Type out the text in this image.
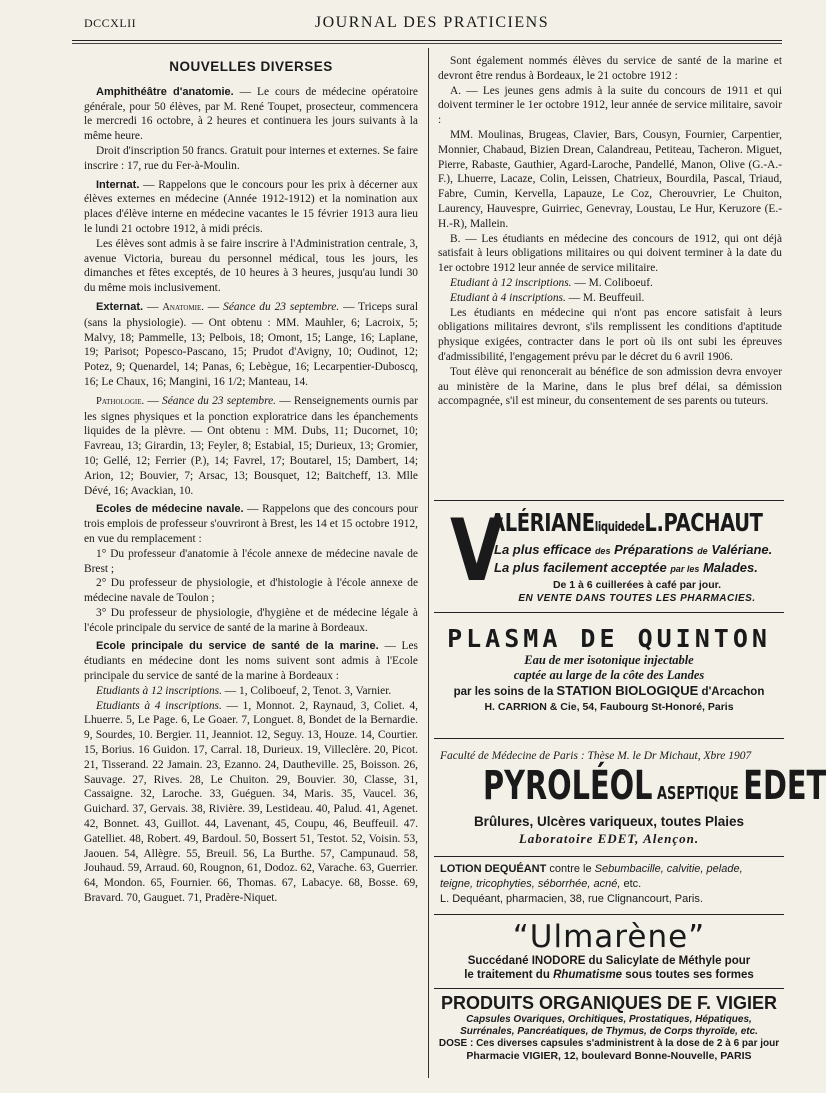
DCCXLII	JOURNAL DES PRATICIENS
NOUVELLES DIVERSES

Amphithéâtre d'anatomie. — Le cours de médecine opératoire générale, pour 50 élèves, par M. René Toupet, prosecteur, commencera le mercredi 16 octobre, à 2 heures et continuera les jours suivants à la même heure.

Droit d'inscription 50 francs. Gratuit pour internes et externes. Se faire inscrire : 17, rue du Fer-à-Moulin.

Internat. — Rappelons que le concours pour les prix à décerner aux élèves externes en médecine (Année 1912-1912) et la nomination aux places d'élève interne en médecine vacantes le 15 février 1913 aura lieu le lundi 21 octobre 1912, à midi précis.

Les élèves sont admis à se faire inscrire à l'Administration centrale, 3, avenue Victoria, bureau du personnel médical, tous les jours, les dimanches et fêtes exceptés, de 10 heures à 3 heures, jusqu'au lundi 30 du même mois inclusivement.

Externat. — Anatomie. — Séance du 23 septembre. — Triceps sural (sans la physiologie). — Ont obtenu : MM. Mauhler, 6; Lacroix, 5; Malvy, 18; Pammelle, 13; Pelbois, 18; Omont, 15; Lange, 16; Laplane, 19; Parisot; Popesco-Pascano, 15; Prudot d'Avigny, 10; Oudinot, 12; Potez, 9; Quenardel, 14; Panas, 6; Lebègue, 16; Lecarpentier-Dubosсq, 16; Le Chaux, 16; Mangini, 16 1/2; Manteau, 14.

Pathologie. — Séance du 23 septembre. — Renseignements ournis par les signes physiques et la ponction exploratrice dans les épanchements liquides de la plèvre. — Ont obtenu : MM. Dubs, 11; Ducornet, 10; Favreau, 13; Girardin, 13; Feyler, 8; Estabial, 15; Durieux, 13; Gromier, 10; Gellé, 12; Ferrier (P.), 14; Favrel, 17; Boutarel, 15; Dambert, 14; Arion, 12; Bouvier, 7; Arsac, 13; Bousquet, 12; Baitcheff, 13. Mlle Dévé, 16; Avackian, 10.

Ecoles de médecine navale. — Rappelons que des concours pour trois emplois de professeur s'ouvriront à Brest, les 14 et 15 octobre 1912, en vue du remplacement :

1° Du professeur d'anatomie à l'école annexe de médecine navale de Brest ;

2° Du professeur de physiologie, et d'histologie à l'école annexe de médecine navale de Toulon ;

3° Du professeur de physiologie, d'hygiène et de médecine légale à l'école principale du service de santé de la marine à Bordeaux.

Ecole principale du service de santé de la marine. — Les étudiants en médecine dont les noms suivent sont admis à l'Ecole principale du service de santé de la marine à Bordeaux :

Etudiants à 12 inscriptions. — 1, Coliboeuf, 2, Tenot. 3, Varnier.

Etudiants à 4 inscriptions. — 1, Monnot. 2, Raynaud, 3, Coliet. 4, Lhuerre. 5, Le Page. 6, Le Goaer. 7, Longuet. 8, Bondet de la Bernardie. 9, Sourdes, 10. Bergier. 11, Jeanniot. 12, Seguy. 13, Houze. 14, Courtier. 15, Borius. 16 Guidon. 17, Carral. 18, Durieux. 19, Villeclère. 20, Picot. 21, Tisserand. 22 Jamain. 23, Ezanno. 24, Dautheville. 25, Boisson. 26, Sauvage. 27, Rives. 28, Le Chuiton. 29, Bouvier. 30, Classe, 31, Cassaigne. 32, Laroche. 33, Guéguen. 34, Maris. 35, Vaucel. 36, Guichard. 37, Gervais. 38, Rivière. 39, Lestideau. 40, Palud. 41, Agenet. 42, Bonnet. 43, Guillot. 44, Lavenant, 45, Coupu, 46, Beuffeuil. 47. Gatelliet. 48, Robert. 49, Bardoul. 50, Bossert 51, Testot. 52, Voisin. 53, Jaouen. 54, Allègre. 55, Breuil. 56, La Burthe. 57, Campunaud. 58, Jouhaud. 59, Arraud. 60, Rougnon, 61, Dodoz. 62, Varache. 63, Guerrier. 64, Mondon. 65, Fournier. 66, Thomas. 67, Labacye. 68, Bosse. 69, Bravard. 70, Gauguet. 71, Pradère-Niquet.

Sont également nommés élèves du service de santé de la marine et devront être rendus à Bordeaux, le 21 octobre 1912 :

A. — Les jeunes gens admis à la suite du concours de 1911 et qui doivent terminer le 1er octobre 1912, leur année de service militaire, savoir :

MM. Moulinas, Brugeas, Clavier, Bars, Cousyn, Fournier, Carpentier, Monnier, Chabaud, Bizien Drean, Calandreau, Petiteau, Tacheron. Miguet, Pierre, Rabaste, Gauthier, Agard-Laroche, Pandellé, Manon, Olive (G.-A.-F.), Lhuerre, Lacaze, Colin, Leissen, Chatrieux, Bourdila, Pascal, Triaud, Fabre, Cumin, Kervella, Lapauze, Le Coz, Cherouvrier, Le Chuiton, Laurency, Hauvespre, Guirriec, Genevray, Loustau, Le Hur, Keruzore (E.-H.-R), Mallein.

B. — Les étudiants en médecine des concours de 1912, qui ont déjà satisfait à leurs obligations militaires ou qui doivent terminer à la date du 1er octobre 1912 leur année de service militaire.

Etudiant à 12 inscriptions. — M. Coliboeuf.

Etudiant à 4 inscriptions. — M. Beuffeuil.

Les étudiants en médecine qui n'ont pas encore satisfait à leurs obligations militaires devront, s'ils remplissent les conditions d'aptitude physique exigées, contracter dans le port où ils ont subi les épreuves d'admissibilité, l'engagement prévu par le décret du 6 avril 1906.

Tout élève qui renoncerait au bénéfice de son admission devra envoyer au ministère de la Marine, dans le plus bref délai, sa démission accompagnée, s'il est mineur, du consentement de ses parents ou tuteurs.

V
ALÉRIANEliquidedeL.PACHAUT
La plus efficace des Préparations de Valériane.
La plus facilement acceptée par les Malades.
De 1 à 6 cuillerées à café par jour.
EN VENTE DANS TOUTES LES PHARMACIES.
PLASMA DE QUINTON
Eau de mer isotonique injectable
captée au large de la côte des Landes
par les soins de la STATION BIOLOGIQUE d'Arcachon
H. CARRION & Cie, 54, Faubourg St-Honoré, Paris
Faculté de Médecine de Paris : Thèse M. le Dr Michaut, Xbre 1907
PYROLÉOL ASEPTIQUE EDET
Brûlures, Ulcères variqueux, toutes Plaies
Laboratoire EDET, Alençon.
LOTION DEQUÉANT contre le Sebumbacille, calvitie, pelade,
teigne, tricophyties, séborrhée, acné, etc.
L. Dequéant, pharmacien, 38, rue Clignancourt, Paris.
“Ulmarène”
Succédané INODORE du Salicylate de Méthyle pour
le traitement du Rhumatisme sous toutes ses formes
PRODUITS ORGANIQUES DE F. VIGIER
Capsules Ovariques, Orchitiques, Prostatiques, Hépatiques,
Surrénales, Pancréatiques, de Thymus, de Corps thyroïde, etc.
DOSE : Ces diverses capsules s'administrent à la dose de 2 à 6 par jour
Pharmacie VIGIER, 12, boulevard Bonne-Nouvelle, PARIS
